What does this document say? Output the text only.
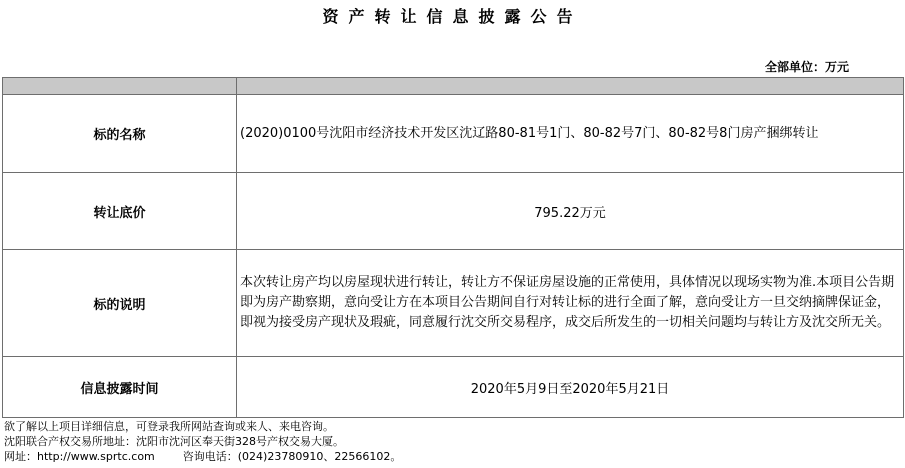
资产转让信息披露公告
全部单位：万元

标的名称	(2020)0100号沈阳市经济技术开发区沈辽路80-81号1门、80-82号7门、80-82号8门房产捆绑转让
转让底价	795.22万元
标的说明	本次转让房产均以房屋现状进行转让，转让方不保证房屋设施的正常使用，具体情况以现场实物为准.本项目公告期即为房产勘察期，意向受让方在本项目公告期间自行对转让标的进行全面了解，意向受让方一旦交纳摘牌保证金，即视为接受房产现状及瑕疵，同意履行沈交所交易程序，成交后所发生的一切相关问题均与转让方及沈交所无关。
信息披露时间	2020年5月9日至2020年5月21日
欲了解以上项目详细信息，可登录我所网站查询或来人、来电咨询。
沈阳联合产权交易所地址：沈阳市沈河区奉天街328号产权交易大厦。
网址：http://www.sprtc.com	咨询电话：(024)23780910、22566102。
